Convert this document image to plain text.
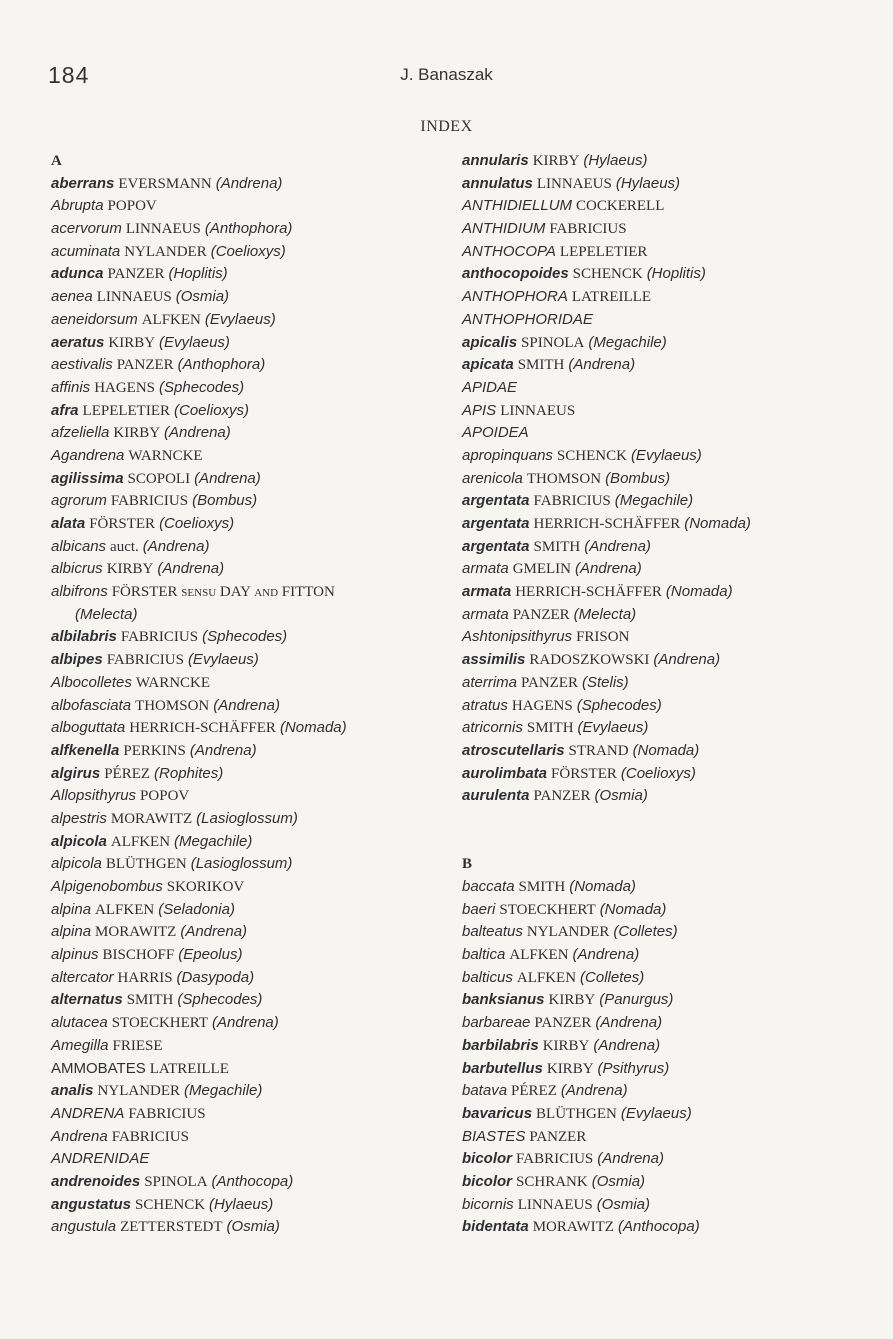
184	J. Banaszak
INDEX
A
aberrans EVERSMANN (Andrena)
Abrupta POPOV
acervorum LINNAEUS (Anthophora)
acuminata NYLANDER (Coelioxys)
adunca PANZER (Hoplitis)
aenea LINNAEUS (Osmia)
aeneidorsum ALFKEN (Evylaeus)
aeratus KIRBY (Evylaeus)
aestivalis PANZER (Anthophora)
affinis HAGENS (Sphecodes)
afra LEPELETIER (Coelioxys)
afzeliella KIRBY (Andrena)
Agandrena WARNCKE
agilissima SCOPOLI (Andrena)
agrorum FABRICIUS (Bombus)
alata FÖRSTER (Coelioxys)
albicans auct. (Andrena)
albicrus KIRBY (Andrena)
albifrons FÖRSTER sensu DAY and FITTON
(Melecta)
albilabris FABRICIUS (Sphecodes)
albipes FABRICIUS (Evylaeus)
Albocolletes WARNCKE
albofasciata THOMSON (Andrena)
alboguttata HERRICH-SCHÄFFER (Nomada)
alfkenella PERKINS (Andrena)
algirus PÉREZ (Rophites)
Allopsithyrus POPOV
alpestris MORAWITZ (Lasioglossum)
alpicola ALFKEN (Megachile)
alpicola BLÜTHGEN (Lasioglossum)
Alpigenobombus SKORIKOV
alpina ALFKEN (Seladonia)
alpina MORAWITZ (Andrena)
alpinus BISCHOFF (Epeolus)
altercator HARRIS (Dasypoda)
alternatus SMITH (Sphecodes)
alutacea STOECKHERT (Andrena)
Amegilla FRIESE
AMMOBATES LATREILLE
analis NYLANDER (Megachile)
ANDRENA FABRICIUS
Andrena FABRICIUS
ANDRENIDAE
andrenoides SPINOLA (Anthocopa)
angustatus SCHENCK (Hylaeus)
angustula ZETTERSTEDT (Osmia)
annularis KIRBY (Hylaeus)
annulatus LINNAEUS (Hylaeus)
ANTHIDIELLUM COCKERELL
ANTHIDIUM FABRICIUS
ANTHOCOPA LEPELETIER
anthocopoides SCHENCK (Hoplitis)
ANTHOPHORA LATREILLE
ANTHOPHORIDAE
apicalis SPINOLA (Megachile)
apicata SMITH (Andrena)
APIDAE
APIS LINNAEUS
APOIDEA
apropinquans SCHENCK (Evylaeus)
arenicola THOMSON (Bombus)
argentata FABRICIUS (Megachile)
argentata HERRICH-SCHÄFFER (Nomada)
argentata SMITH (Andrena)
armata GMELIN (Andrena)
armata HERRICH-SCHÄFFER (Nomada)
armata PANZER (Melecta)
Ashtonipsithyrus FRISON
assimilis RADOSZKOWSKI (Andrena)
aterrima PANZER (Stelis)
atratus HAGENS (Sphecodes)
atricornis SMITH (Evylaeus)
atroscutellaris STRAND (Nomada)
aurolimbata FÖRSTER (Coelioxys)
aurulenta PANZER (Osmia)
B
baccata SMITH (Nomada)
baeri STOECKHERT (Nomada)
balteatus NYLANDER (Colletes)
baltica ALFKEN (Andrena)
balticus ALFKEN (Colletes)
banksianus KIRBY (Panurgus)
barbareae PANZER (Andrena)
barbilabris KIRBY (Andrena)
barbutellus KIRBY (Psithyrus)
batava PÉREZ (Andrena)
bavaricus BLÜTHGEN (Evylaeus)
BIASTES PANZER
bicolor FABRICIUS (Andrena)
bicolor SCHRANK (Osmia)
bicornis LINNAEUS (Osmia)
bidentata MORAWITZ (Anthocopa)
